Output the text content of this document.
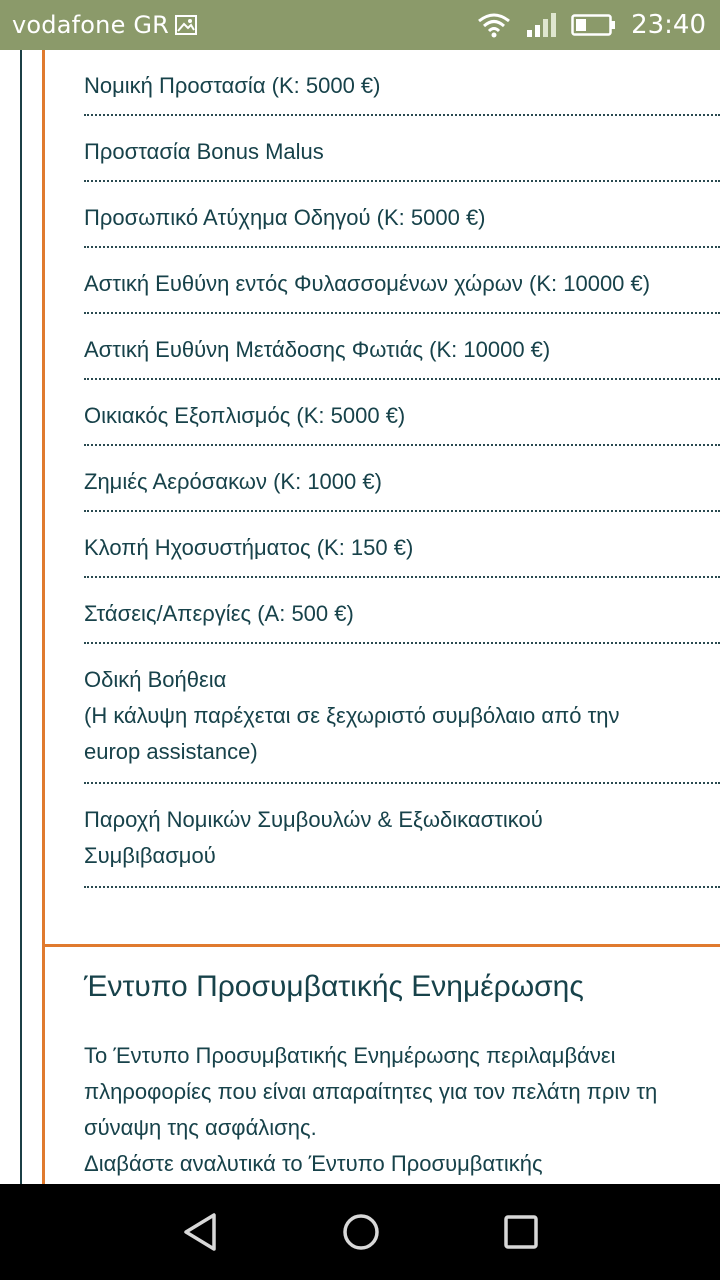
vodafone GR	23:40
Νομική Προστασία (Κ: 5000 €)
Προστασία Bonus Malus
Προσωπικό Ατύχημα Οδηγού (Κ: 5000 €)
Αστική Ευθύνη εντός Φυλασσομένων χώρων (Κ: 10000 €)
Αστική Ευθύνη Μετάδοσης Φωτιάς (Κ: 10000 €)
Οικιακός Εξοπλισμός (Κ: 5000 €)
Ζημιές Αερόσακων (Κ: 1000 €)
Κλοπή Ηχοσυστήματος (Κ: 150 €)
Στάσεις/Απεργίες (Α: 500 €)
Οδική Βοήθεια
(Η κάλυψη παρέχεται σε ξεχωριστό συμβόλαιο από την
europ assistance)
Παροχή Νομικών Συμβουλών & Εξωδικαστικού
Συμβιβασμού
Έντυπο Προσυμβατικής Ενημέρωσης
Το Έντυπο Προσυμβατικής Ενημέρωσης περιλαμβάνει
πληροφορίες που είναι απαραίτητες για τον πελάτη πριν τη
σύναψη της ασφάλισης.
Διαβάστε αναλυτικά το Έντυπο Προσυμβατικής
